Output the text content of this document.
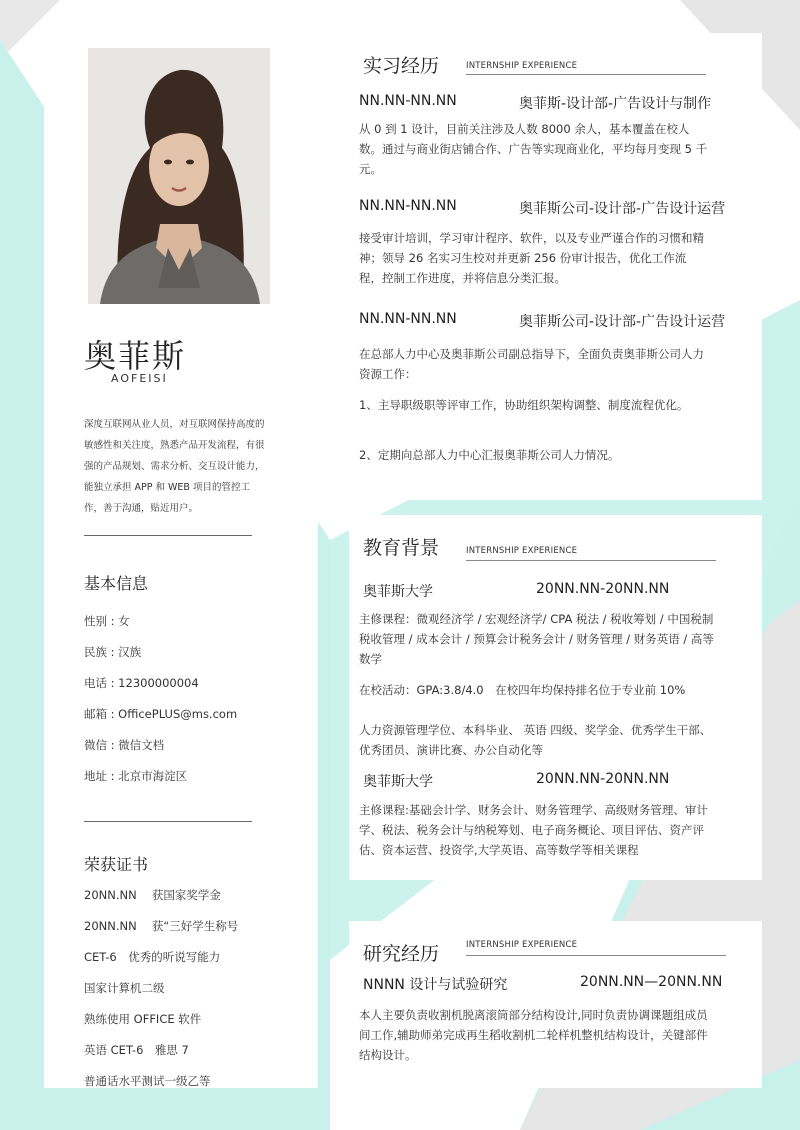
奥菲斯
AOFEISI

深度互联网从业人员，对互联网保持高度的敏感性和关注度，熟悉产品开发流程，有很强的产品规划、需求分析、交互设计能力，能独立承担 APP 和 WEB 项目的管控工作，善于沟通，贴近用户。

基本信息
性别 : 女
民族 : 汉族
电话 : 12300000004
邮箱 : OfficePLUS@ms.com
微信 : 微信文档
地址 : 北京市海淀区
荣获证书
20NN.NN　 获国家奖学金
20NN.NN　 获“三好学生称号
CET-6　优秀的听说写能力
国家计算机二级
熟练使用 OFFICE 软件
英语 CET-6　雅思 7
普通话水平测试一级乙等
实习经历	INTERNSHIP EXPERIENCE
NN.NN-NN.NN	奥菲斯-设计部-广告设计与制作

从 0 到 1 设计，目前关注涉及人数 8000 余人，基本覆盖在校人数。通过与商业街店铺合作、广告等实现商业化，平均每月变现 5 千元。

NN.NN-NN.NN	奥菲斯公司-设计部-广告设计运营

接受审计培训，学习审计程序、软件，以及专业严谨合作的习惯和精神；领导 26 名实习生校对并更新 256 份审计报告，优化工作流程，控制工作进度，并将信息分类汇报。

NN.NN-NN.NN	奥菲斯公司-设计部-广告设计运营

在总部人力中心及奥菲斯公司副总指导下，全面负责奥菲斯公司人力资源工作：

1、主导职级职等评审工作，协助组织架构调整、制度流程优化。

2、定期向总部人力中心汇报奥菲斯公司人力情况。

教育背景	INTERNSHIP EXPERIENCE
奥菲斯大学	20NN.NN-20NN.NN

主修课程：微观经济学 / 宏观经济学/ CPA 税法 / 税收筹划 / 中国税制 税收管理 / 成本会计 / 预算会计税务会计 / 财务管理 / 财务英语 / 高等数学

在校活动：GPA:3.8/4.0　在校四年均保持排名位于专业前 10%

人力资源管理学位、本科毕业、 英语 四级、奖学金、优秀学生干部、优秀团员、演讲比赛、办公自动化等

奥菲斯大学	20NN.NN-20NN.NN

主修课程:基础会计学、财务会计、财务管理学、高级财务管理、审计学、税法、税务会计与纳税筹划、电子商务概论、项目评估、资产评估、资本运营、投资学,大学英语、高等数学等相关课程

研究经历	INTERNSHIP EXPERIENCE
NNNN 设计与试验研究	20NN.NN—20NN.NN

本人主要负责收割机脱离滚筒部分结构设计,同时负责协调课题组成员间工作,辅助师弟完成再生稻收割机二轮样机整机结构设计，关键部件结构设计。
